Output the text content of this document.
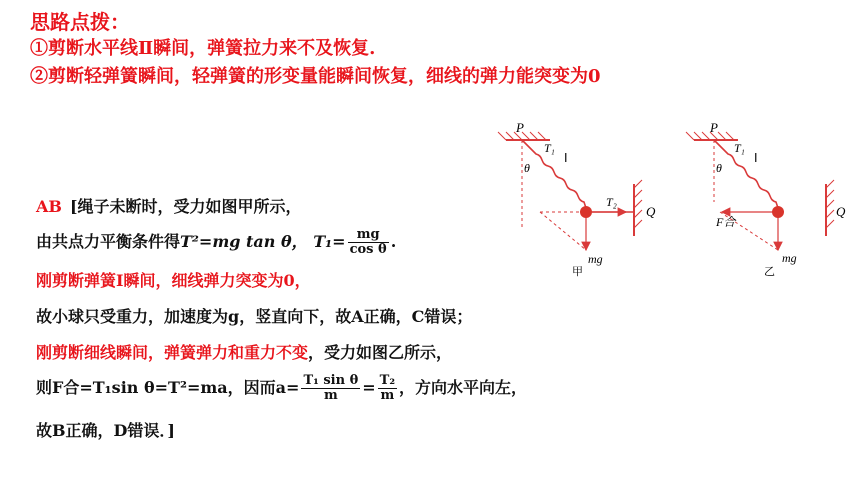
思路点拨：
①剪断水平线Ⅱ瞬间，弹簧拉力来不及恢复.
②剪断轻弹簧瞬间，轻弹簧的形变量能瞬间恢复，细线的弹力能突变为0
AB [绳子未断时，受力如图甲所示，
由共点力平衡条件得T²=mg tan θ， $T_1= \frac{mg}{\text{cos θ}}$ .
刚剪断弹簧Ⅰ瞬间，细线弹力突变为0，
故小球只受重力，加速度为g，竖直向下，故A正确，C错误；
刚剪断细线瞬间，弹簧弹力和重力不变，受力如图乙所示，
则F合=T₁sin θ=T²=ma，因而$a= \frac{\text{T₁ sin θ}}{m} = \frac{\text{T₂}}{m}$ ，方向水平向左，
故B正确，D错误．]
P
T₁
Ⅰ
θ
Q
T₂
mg
甲
P
T₁
Ⅰ
θ
Q
F合
mg
乙
